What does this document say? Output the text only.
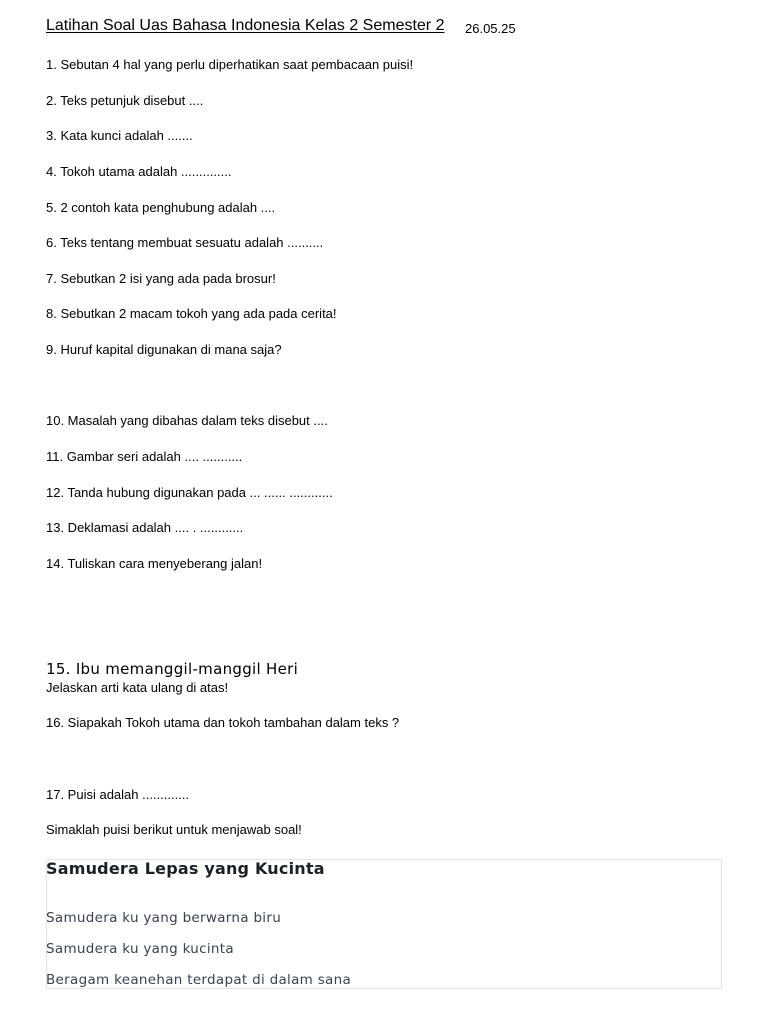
Latihan Soal Uas Bahasa Indonesia Kelas 2 Semester 2 26.05.25
1. Sebutan 4 hal yang perlu diperhatikan saat pembacaan puisi!
2. Teks petunjuk disebut ....
3. Kata kunci adalah .......
4. Tokoh utama adalah ..............
5. 2 contoh kata penghubung adalah ....
6. Teks tentang membuat sesuatu adalah ..........
7. Sebutkan 2 isi yang ada pada brosur!
8. Sebutkan 2 macam tokoh yang ada pada cerita!
9. Huruf kapital digunakan di mana saja?
10. Masalah yang dibahas dalam teks disebut ....
11. Gambar seri adalah .... ...........
12. Tanda hubung digunakan pada ... ...... ............
13. Deklamasi adalah .... . ............
14. Tuliskan cara menyeberang jalan!
15. Ibu memanggil-manggil Heri
Jelaskan arti kata ulang di atas!
16. Siapakah Tokoh utama dan tokoh tambahan dalam teks ?
17. Puisi adalah .............
Simaklah puisi berikut untuk menjawab soal!
Samudera Lepas yang Kucinta
Samudera ku yang berwarna biru
Samudera ku yang kucinta
Beragam keanehan terdapat di dalam sana
